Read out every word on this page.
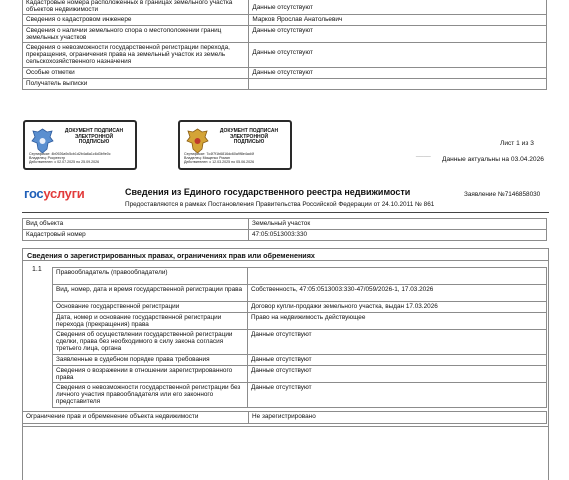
Кадастровые номера расположенных в границах земельного участка объектов недвижимости	Данные отсутствуют
Сведения о кадастровом инженере	Марков Ярослав Анатольевич
Сведения о наличии земельного спора о местоположении границ земельных участков	Данные отсутствуют
Сведения о невозможности государственной регистрации перехода, прекращения, ограничения права на земельный участок из земель сельскохозяйственного назначения	Данные отсутствуют
Особые отметки	Данные отсутствуют
Получатель выписки	
ДОКУМЕНТ ПОДПИСАН
ЭЛЕКТРОННОЙ
ПОДПИСЬЮ
Сертификат: 4b0926a9c5cb1d2b4a6a1c6d3b9e0c
Владелец: Росреестр
Действителен: с 02.07.2025 по 25.09.2026
ДОКУМЕНТ ПОДПИСАН
ЭЛЕКТРОННОЙ
ПОДПИСЬЮ
Сертификат: 7c4f7f1b6816dc60a9f8e4ad4f
Владелец: Мищенко Роман
Действителен: с 12.03.2025 по 05.06.2026
Лист 1 из 3
____
Данные актуальны на 03.04.2026
госуслуги	Сведения из Единого государственного реестра недвижимости
Предоставляются в рамках Постановления Правительства Российской Федерации от 24.10.2011 № 861
Заявление №7146858030
Вид объекта	Земельный участок
Кадастровый номер	47:05:0513003:330
Сведения о зарегистрированных правах, ограничениях прав или обременениях
1.1 Правообладатель (правообладатели)	
Вид, номер, дата и время государственной регистрации права	Собственность, 47:05:0513003:330-47/059/2026-1, 17.03.2026
Основание государственной регистрации	Договор купли-продажи земельного участка, выдан 17.03.2026
Дата, номер и основание государственной регистрации перехода (прекращения) права	Право на недвижимость действующее
Сведения об осуществлении государственной регистрации сделки, права без необходимого в силу закона согласия третьего лица, органа	Данные отсутствуют
Заявленные в судебном порядке права требования	Данные отсутствуют
Сведения о возражении в отношении зарегистрированного права	Данные отсутствуют
Сведения о невозможности государственной регистрации без личного участия правообладателя или его законного представителя	Данные отсутствуют
Ограничение прав и обременение объекта недвижимости	Не зарегистрировано
